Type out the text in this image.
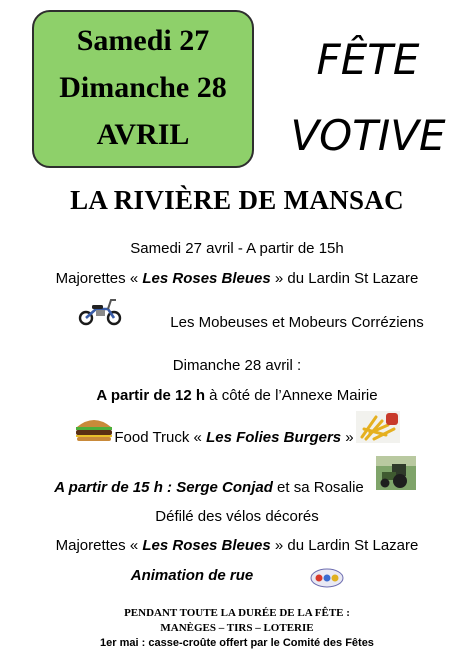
Samedi 27
Dimanche 28
AVRIL
FÊTE
VOTIVE
LA RIVIÈRE DE MANSAC
Samedi 27 avril - A partir de 15h
Majorettes « Les Roses Bleues » du Lardin St Lazare
Les Mobeuses et Mobeurs Corréziens
Dimanche 28 avril :
A partir de 12 h à côté de l’Annexe Mairie
Food Truck « Les Folies Burgers »
A partir de 15 h : Serge Conjad et sa Rosalie
Défilé des vélos décorés
Majorettes « Les Roses Bleues » du Lardin St Lazare
Animation de rue
PENDANT TOUTE LA DURÉE DE LA FÊTE :
MANÈGES – TIRS – LOTERIE
1er mai : casse-croûte offert par le Comité des Fêtes
